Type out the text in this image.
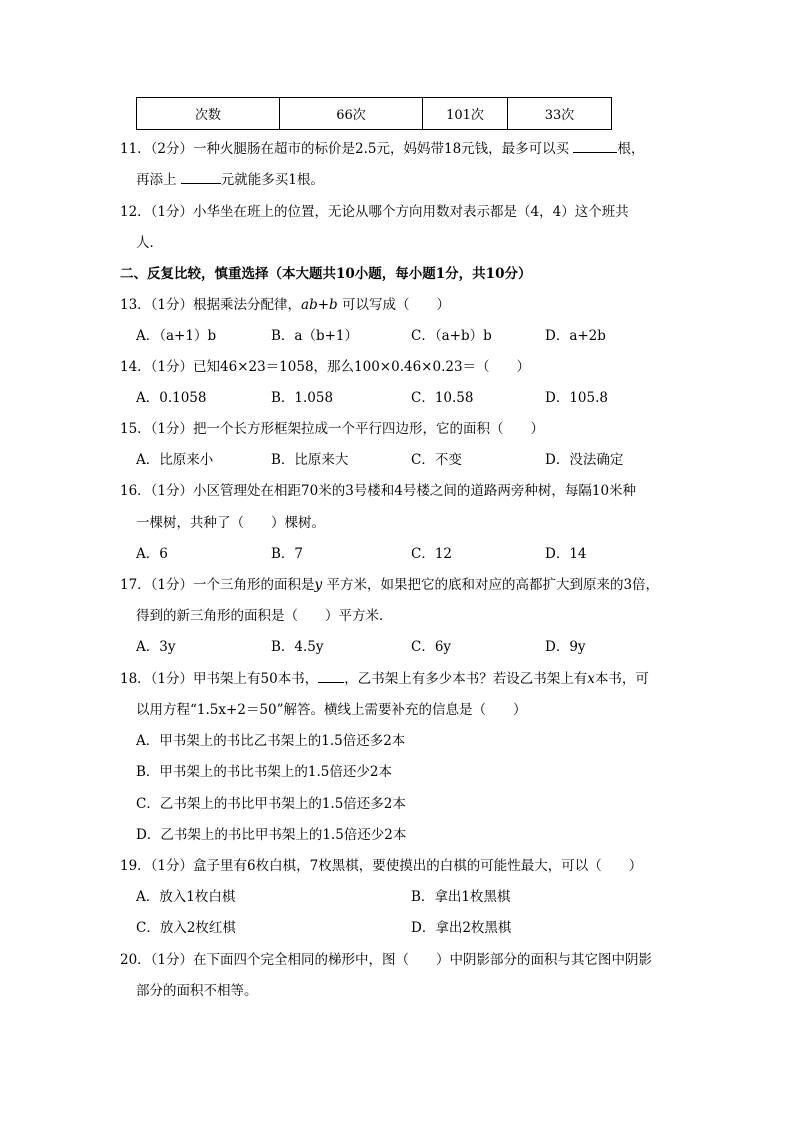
次数	66次	101次	33次
11．（2分）一种火腿肠在超市的标价是2.5元，妈妈带18元钱，最多可以买	根，
再添上	元就能多买1根。
12．（1分）小华坐在班上的位置，无论从哪个方向用数对表示都是（4，4）这个班共
人．
二、反复比较，慎重选择（本大题共10小题，每小题1分，共10分）
13．（1分）根据乘法分配律，ab+b 可以写成（　　）
A．（a+1）b	B．a（b+1）	C．（a+b）b	D．a+2b
14．（1分）已知46×23＝1058，那么100×0.46×0.23＝（　　）
A．0.1058	B．1.058	C．10.58	D．105.8
15．（1分）把一个长方形框架拉成一个平行四边形，它的面积（　　）
A．比原来小	B．比原来大	C．不变	D．没法确定
16．（1分）小区管理处在相距70米的3号楼和4号楼之间的道路两旁种树，每隔10米种
一棵树，共种了（　　）棵树。
A．6	B．7	C．12	D．14
17．（1分）一个三角形的面积是y 平方米，如果把它的底和对应的高都扩大到原来的3倍，
得到的新三角形的面积是（　　）平方米．
A．3y	B．4.5y	C．6y	D．9y
18．（1分）甲书架上有50本书， ，乙书架上有多少本书？若设乙书架上有x本书，可
以用方程“1.5x+2＝50”解答。横线上需要补充的信息是（　　）
A．甲书架上的书比乙书架上的1.5倍还多2本
B．甲书架上的书比书架上的1.5倍还少2本
C．乙书架上的书比甲书架上的1.5倍还多2本
D．乙书架上的书比甲书架上的1.5倍还少2本
19．（1分）盒子里有6枚白棋，7枚黑棋，要使摸出的白棋的可能性最大，可以（　　）
A．放入1枚白棋	B．拿出1枚黑棋
C．放入2枚红棋	D．拿出2枚黑棋
20．（1分）在下面四个完全相同的梯形中，图（　　）中阴影部分的面积与其它图中阴影
部分的面积不相等。
